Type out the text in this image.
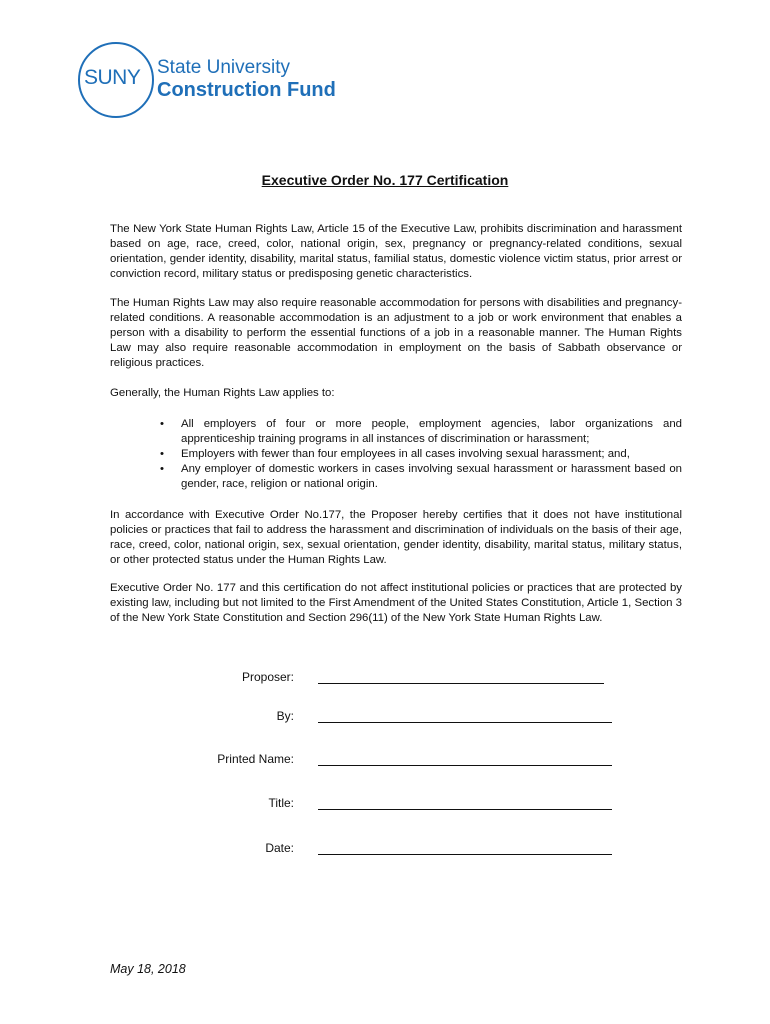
SUNY State University
Construction Fund
Executive Order No. 177 Certification

The New York State Human Rights Law, Article 15 of the Executive Law, prohibits discrimination and harassment based on age, race, creed, color, national origin, sex, pregnancy or pregnancy-related conditions, sexual orientation, gender identity, disability, marital status, familial status, domestic violence victim status, prior arrest or conviction record, military status or predisposing genetic characteristics.

The Human Rights Law may also require reasonable accommodation for persons with disabilities and pregnancy-related conditions. A reasonable accommodation is an adjustment to a job or work environment that enables a person with a disability to perform the essential functions of a job in a reasonable manner. The Human Rights Law may also require reasonable accommodation in employment on the basis of Sabbath observance or religious practices.

Generally, the Human Rights Law applies to:

• All employers of four or more people, employment agencies, labor organizations and apprenticeship training programs in all instances of discrimination or harassment;
• Employers with fewer than four employees in all cases involving sexual harassment; and,
• Any employer of domestic workers in cases involving sexual harassment or harassment based on gender, race, religion or national origin.

In accordance with Executive Order No.177, the Proposer hereby certifies that it does not have institutional policies or practices that fail to address the harassment and discrimination of individuals on the basis of their age, race, creed, color, national origin, sex, sexual orientation, gender identity, disability, marital status, military status, or other protected status under the Human Rights Law.

Executive Order No. 177 and this certification do not affect institutional policies or practices that are protected by existing law, including but not limited to the First Amendment of the United States Constitution, Article 1, Section 3 of the New York State Constitution and Section 296(11) of the New York State Human Rights Law.

Proposer:
By:
Printed Name:
Title:
Date:
May 18, 2018
